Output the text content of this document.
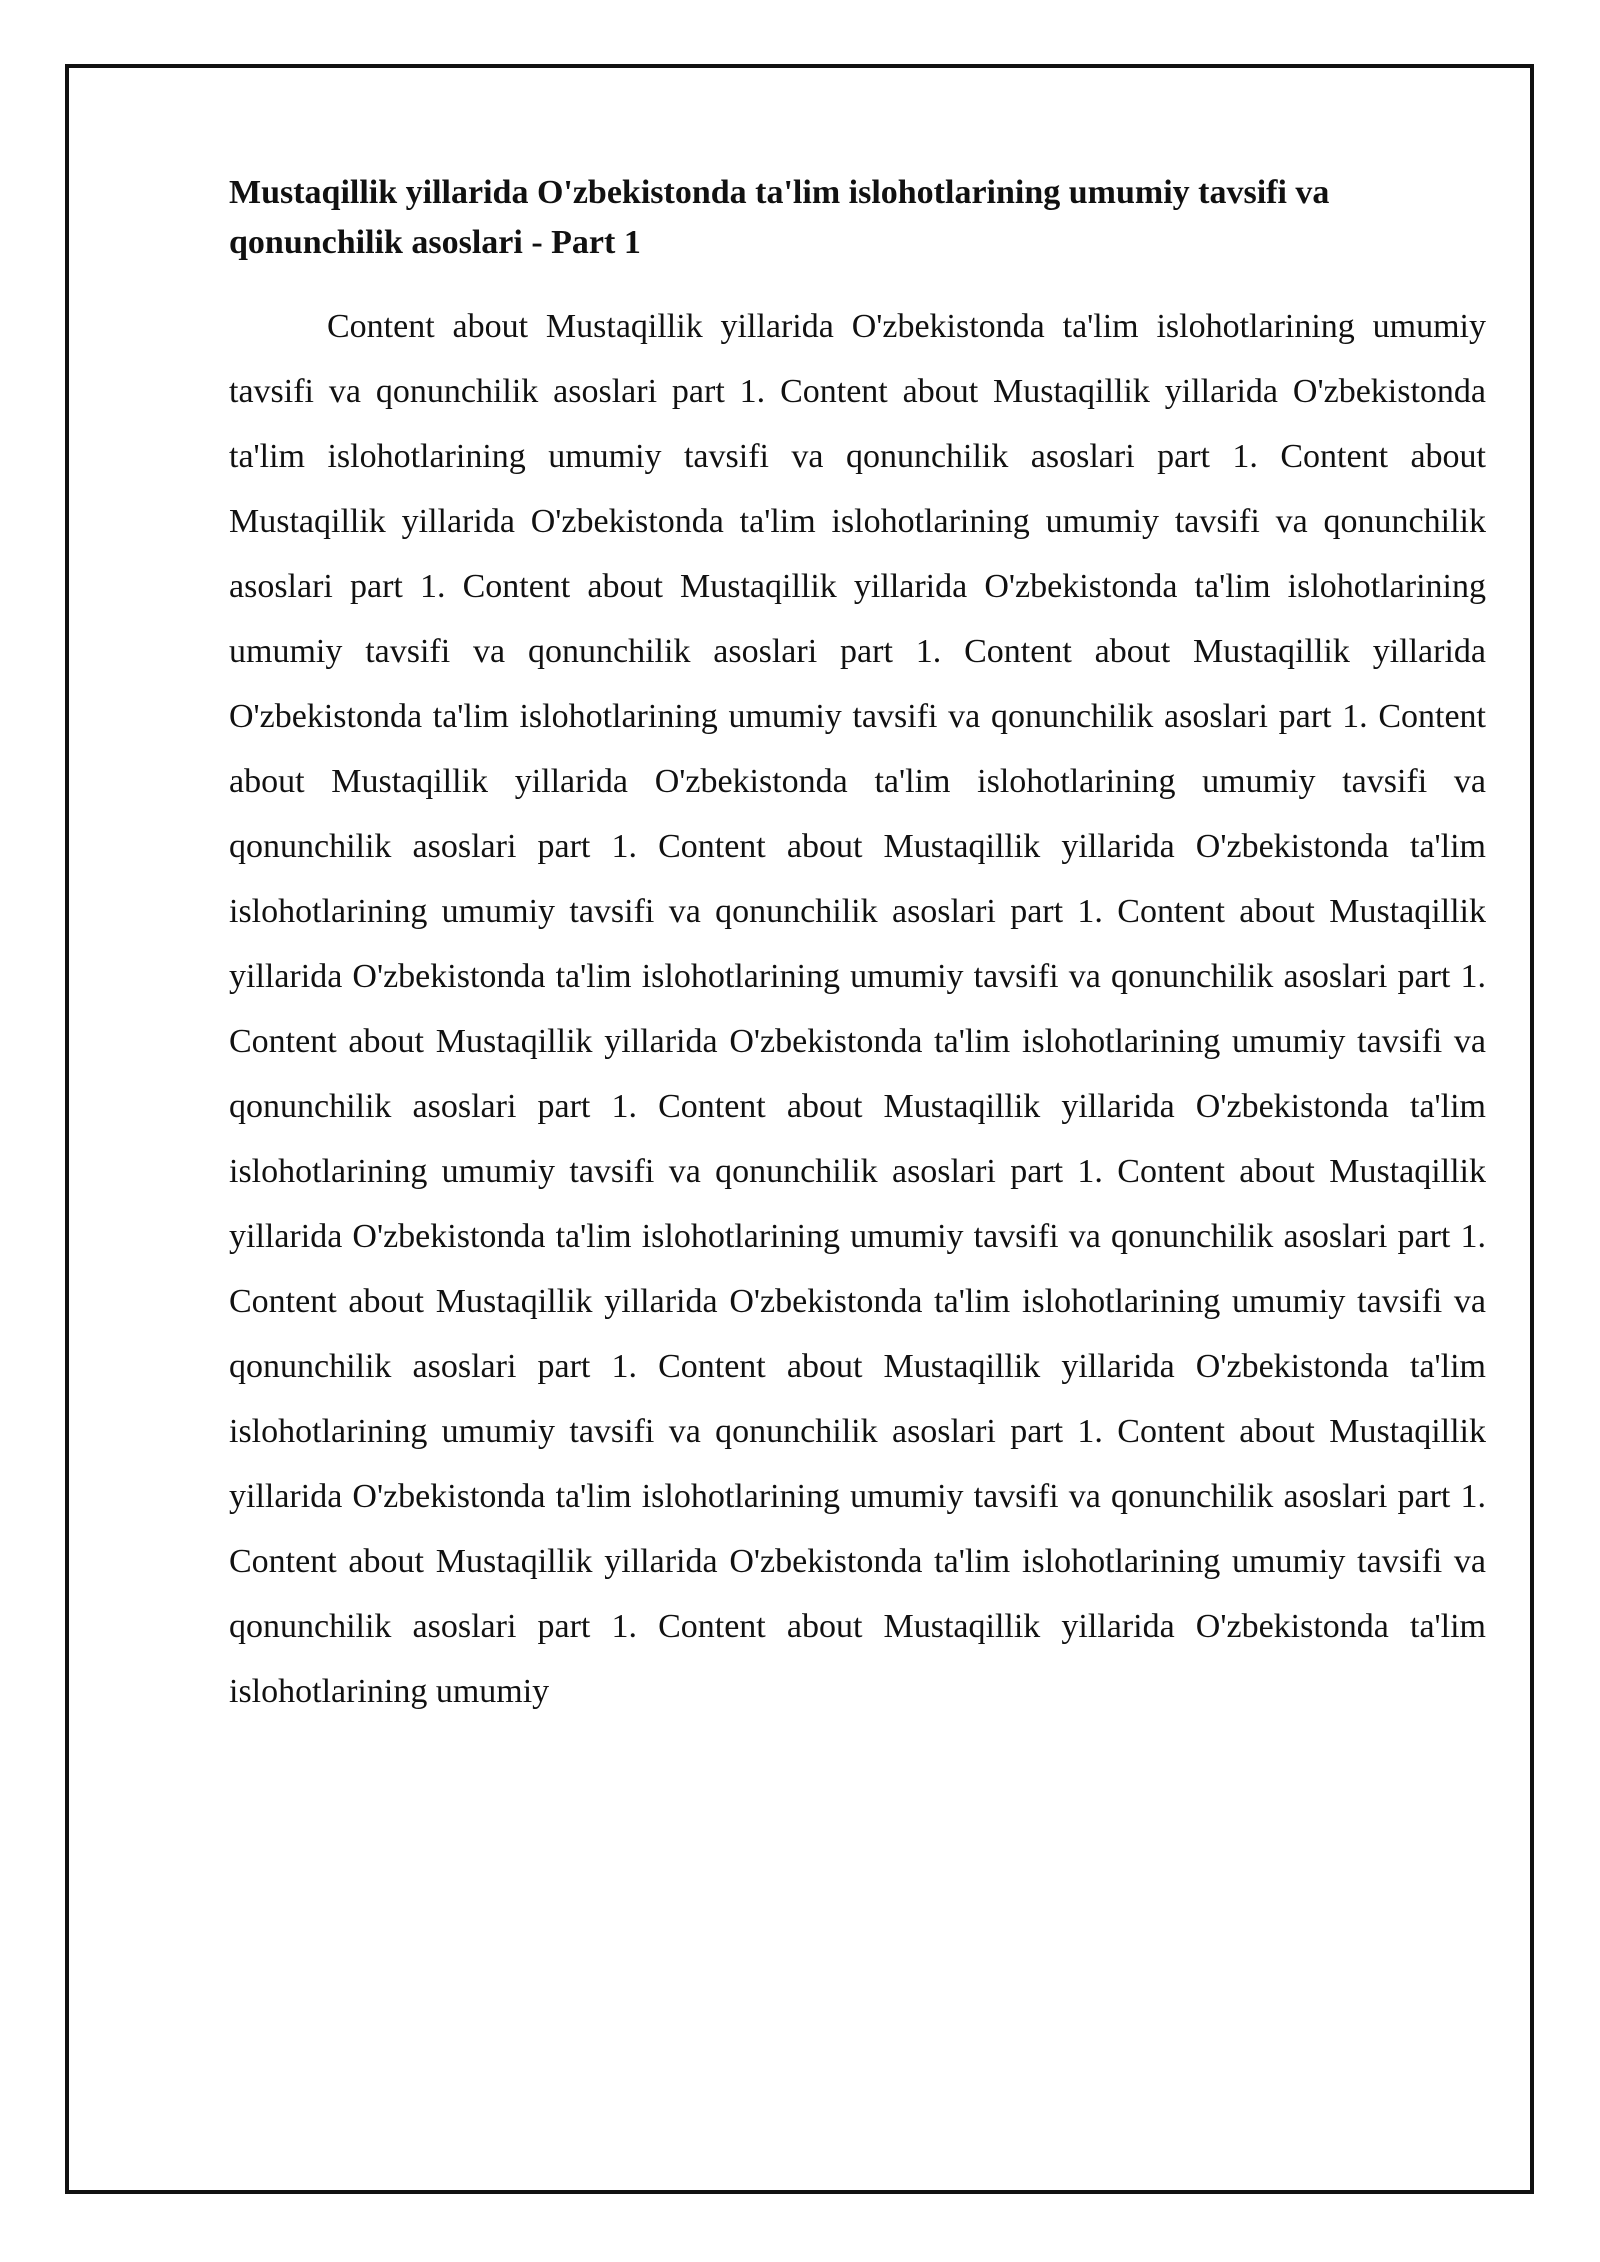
Mustaqillik yillarida O'zbekistonda ta'lim islohotlarining umumiy tavsifi va qonunchilik asoslari - Part 1

Content about Mustaqillik yillarida O'zbekistonda ta'lim islohotlarining umumiy tavsifi va qonunchilik asoslari part 1. Content about Mustaqillik yillarida O'zbekistonda ta'lim islohotlarining umumiy tavsifi va qonunchilik asoslari part 1. Content about Mustaqillik yillarida O'zbekistonda ta'lim islohotlarining umumiy tavsifi va qonunchilik asoslari part 1. Content about Mustaqillik yillarida O'zbekistonda ta'lim islohotlarining umumiy tavsifi va qonunchilik asoslari part 1. Content about Mustaqillik yillarida O'zbekistonda ta'lim islohotlarining umumiy tavsifi va qonunchilik asoslari part 1. Content about Mustaqillik yillarida O'zbekistonda ta'lim islohotlarining umumiy tavsifi va qonunchilik asoslari part 1. Content about Mustaqillik yillarida O'zbekistonda ta'lim islohotlarining umumiy tavsifi va qonunchilik asoslari part 1. Content about Mustaqillik yillarida O'zbekistonda ta'lim islohotlarining umumiy tavsifi va qonunchilik asoslari part 1. Content about Mustaqillik yillarida O'zbekistonda ta'lim islohotlarining umumiy tavsifi va qonunchilik asoslari part 1. Content about Mustaqillik yillarida O'zbekistonda ta'lim islohotlarining umumiy tavsifi va qonunchilik asoslari part 1. Content about Mustaqillik yillarida O'zbekistonda ta'lim islohotlarining umumiy tavsifi va qonunchilik asoslari part 1. Content about Mustaqillik yillarida O'zbekistonda ta'lim islohotlarining umumiy tavsifi va qonunchilik asoslari part 1. Content about Mustaqillik yillarida O'zbekistonda ta'lim islohotlarining umumiy tavsifi va qonunchilik asoslari part 1. Content about Mustaqillik yillarida O'zbekistonda ta'lim islohotlarining umumiy tavsifi va qonunchilik asoslari part 1. Content about Mustaqillik yillarida O'zbekistonda ta'lim islohotlarining umumiy tavsifi va qonunchilik asoslari part 1. Content about Mustaqillik yillarida O'zbekistonda ta'lim islohotlarining umumiy
